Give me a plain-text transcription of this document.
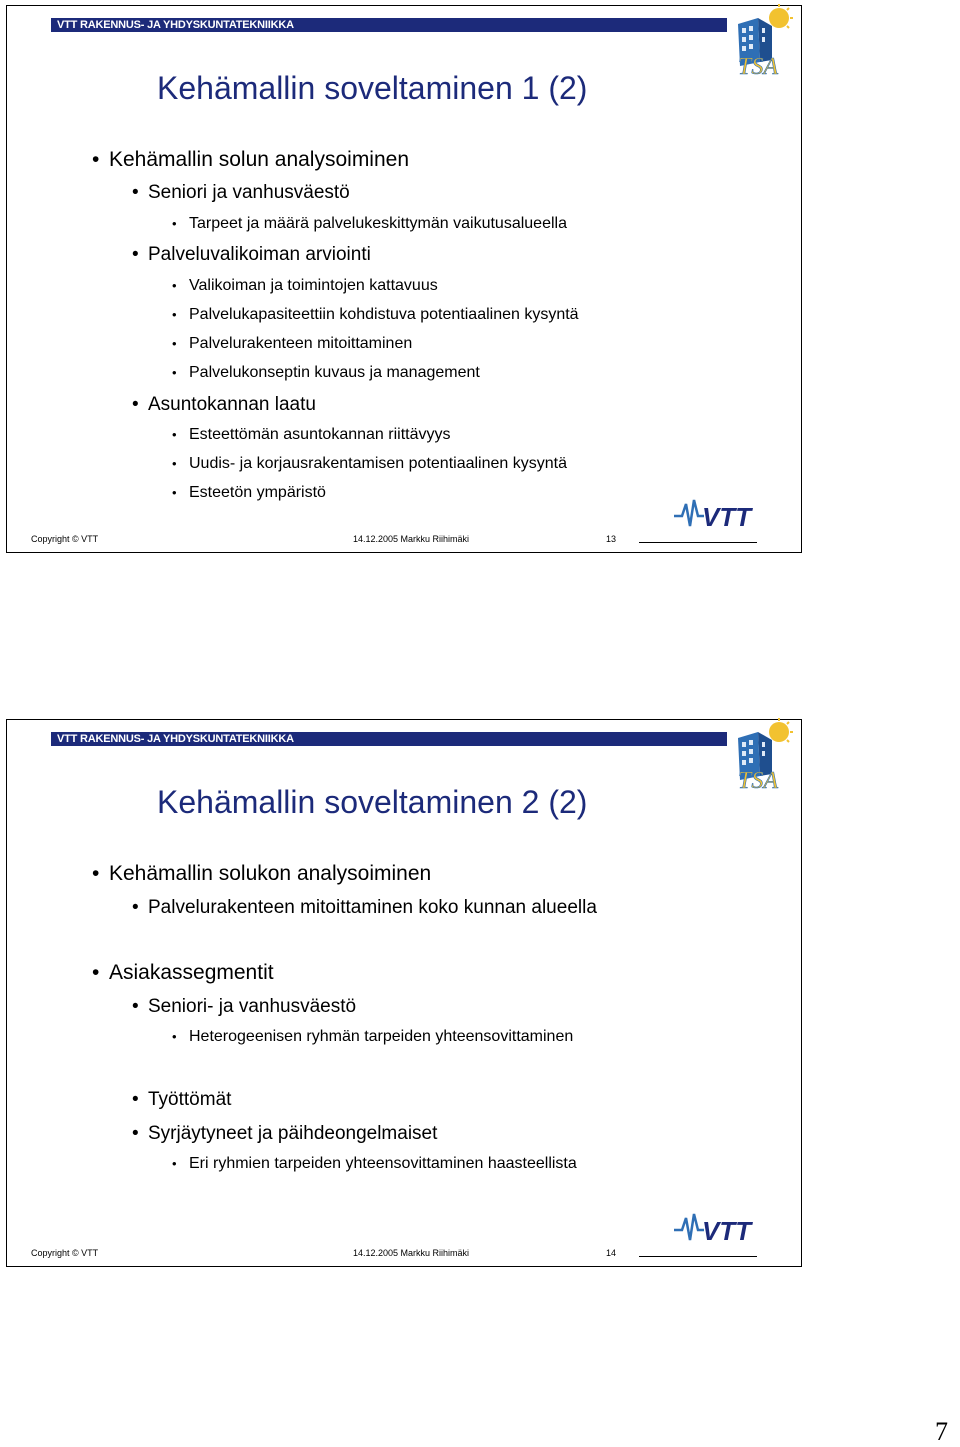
VTT RAKENNUS- JA YHDYSKUNTATEKNIIKKA
TSA
Kehämallin soveltaminen 1 (2)
• Kehämallin solun analysoiminen
• Seniori ja vanhusväestö
• Tarpeet ja määrä palvelukeskittymän vaikutusalueella
• Palveluvalikoiman arviointi
• Valikoiman ja toimintojen kattavuus
• Palvelukapasiteettiin kohdistuva potentiaalinen kysyntä
• Palvelurakenteen mitoittaminen
• Palvelukonseptin kuvaus ja management
• Asuntokannan laatu
• Esteettömän asuntokannan riittävyys
• Uudis- ja korjausrakentamisen potentiaalinen kysyntä
• Esteetön ympäristö
VTT
Copyright © VTT	14.12.2005 Markku Riihimäki	13
VTT RAKENNUS- JA YHDYSKUNTATEKNIIKKA
TSA
Kehämallin soveltaminen 2 (2)
• Kehämallin solukon analysoiminen
• Palvelurakenteen mitoittaminen koko kunnan alueella
• Asiakassegmentit
• Seniori- ja vanhusväestö
• Heterogeenisen ryhmän tarpeiden yhteensovittaminen
• Työttömät
• Syrjäytyneet ja päihdeongelmaiset
• Eri ryhmien tarpeiden yhteensovittaminen haasteellista
VTT
Copyright © VTT	14.12.2005 Markku Riihimäki	14
7
